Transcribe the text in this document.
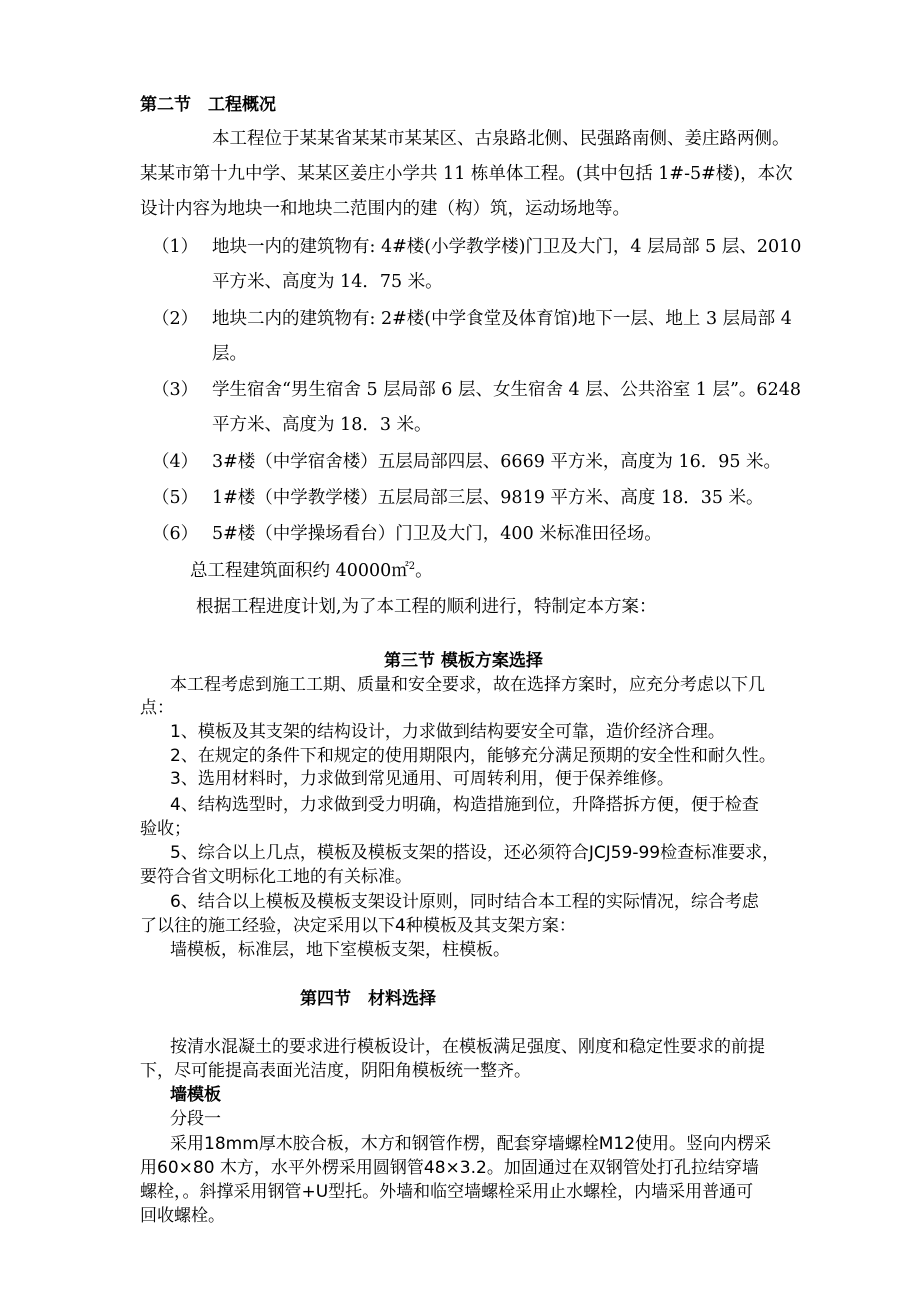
第二节　工程概况
本工程位于某某省某某市某某区、古泉路北侧、民强路南侧、姜庄路两侧。
某某市第十九中学、某某区姜庄小学共 11 栋单体工程。(其中包括 1#-5#楼)，本次
设计内容为地块一和地块二范围内的建（构）筑，运动场地等。
（1） 地块一内的建筑物有: 4#楼(小学教学楼)门卫及大门，4 层局部 5 层、2010
平方米、高度为 14．75 米。
（2） 地块二内的建筑物有: 2#楼(中学食堂及体育馆)地下一层、地上 3 层局部 4
层。
（3） 学生宿舍“男生宿舍 5 层局部 6 层、女生宿舍 4 层、公共浴室 1 层”。6248
平方米、高度为 18．3 米。
（4） 3#楼（中学宿舍楼）五层局部四层、6669 平方米，高度为 16．95 米。
（5） 1#楼（中学教学楼）五层局部三层、9819 平方米、高度 18．35 米。
（6） 5#楼（中学操场看台）门卫及大门，400 米标准田径场。
总工程建筑面积约 40000㎡$^2$。
根据工程进度计划,为了本工程的顺利进行，特制定本方案：
第三节 模板方案选择
本工程考虑到施工工期、质量和安全要求，故在选择方案时，应充分考虑以下几
点：
1、模板及其支架的结构设计，力求做到结构要安全可靠，造价经济合理。
2、在规定的条件下和规定的使用期限内，能够充分满足预期的安全性和耐久性。
3、选用材料时，力求做到常见通用、可周转利用，便于保养维修。
4、结构选型时，力求做到受力明确，构造措施到位，升降搭拆方便，便于检查
验收；
5、综合以上几点，模板及模板支架的搭设，还必须符合JCJ59-99检查标准要求，
要符合省文明标化工地的有关标准。
6、结合以上模板及模板支架设计原则，同时结合本工程的实际情况，综合考虑
了以往的施工经验，决定采用以下4种模板及其支架方案：
墙模板，标准层，地下室模板支架，柱模板。
第四节　材料选择
按清水混凝土的要求进行模板设计，在模板满足强度、刚度和稳定性要求的前提
下，尽可能提高表面光洁度，阴阳角模板统一整齐。
墙模板
分段一
采用18mm厚木胶合板，木方和钢管作楞，配套穿墙螺栓M12使用。竖向内楞采
用60×80 木方，水平外楞采用圆钢管48×3.2。加固通过在双钢管处打孔拉结穿墙
螺栓，。斜撑采用钢管+U型托。外墙和临空墙螺栓采用止水螺栓，内墙采用普通可
回收螺栓。
